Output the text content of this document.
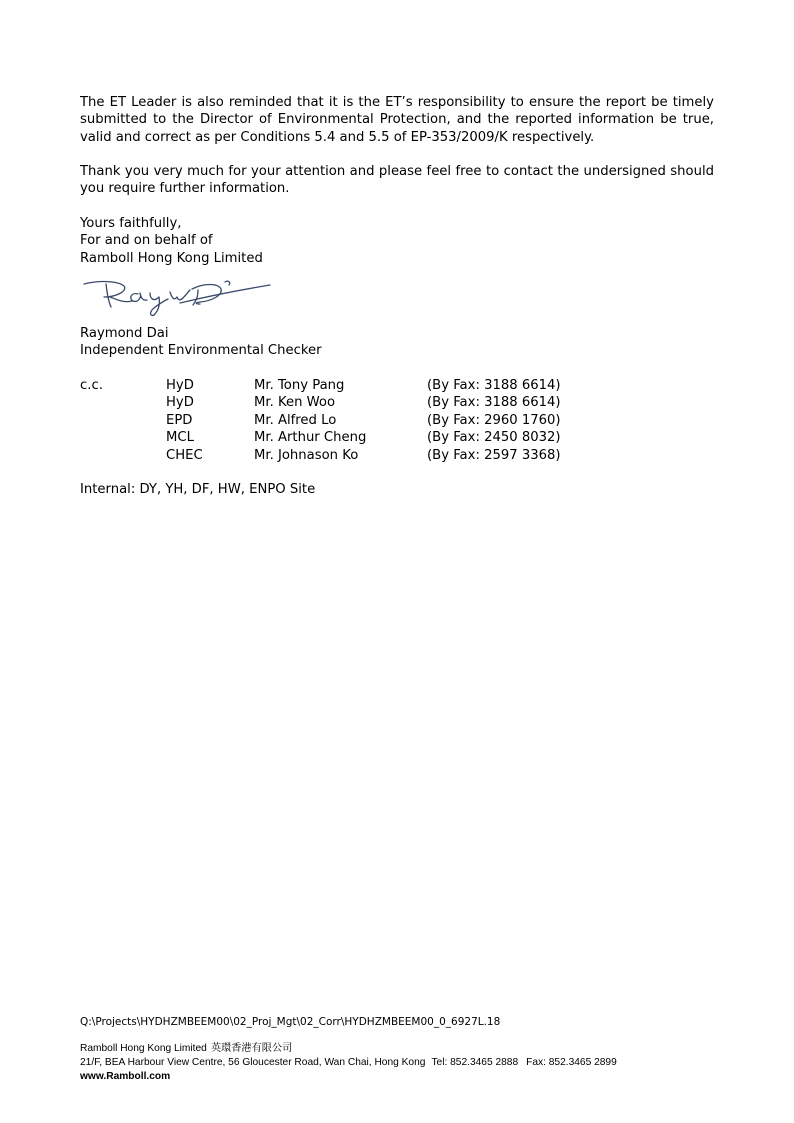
The ET Leader is also reminded that it is the ET’s responsibility to ensure the report be timely submitted to the Director of Environmental Protection, and the reported information be true, valid and correct as per Conditions 5.4 and 5.5 of EP-353/2009/K respectively.

Thank you very much for your attention and please feel free to contact the undersigned should you require further information.

Yours faithfully,
For and on behalf of
Ramboll Hong Kong Limited
Raymond Dai
Independent Environmental Checker
c.c.	HyD	Mr. Tony Pang	(By Fax: 3188 6614)
HyD	Mr. Ken Woo	(By Fax: 3188 6614)
EPD	Mr. Alfred Lo	(By Fax: 2960 1760)
MCL	Mr. Arthur Cheng	(By Fax: 2450 8032)
CHEC	Mr. Johnason Ko	(By Fax: 2597 3368)
Internal: DY, YH, DF, HW, ENPO Site
Q:\Projects\HYDHZMBEEM00\02_Proj_Mgt\02_Corr\HYDHZMBEEM00_0_6927L.18
Ramboll Hong Kong Limited 英環香港有限公司
21/F, BEA Harbour View Centre, 56 Gloucester Road, Wan Chai, Hong Kong Tel: 852.3465 2888 Fax: 852.3465 2899
www.Ramboll.com
